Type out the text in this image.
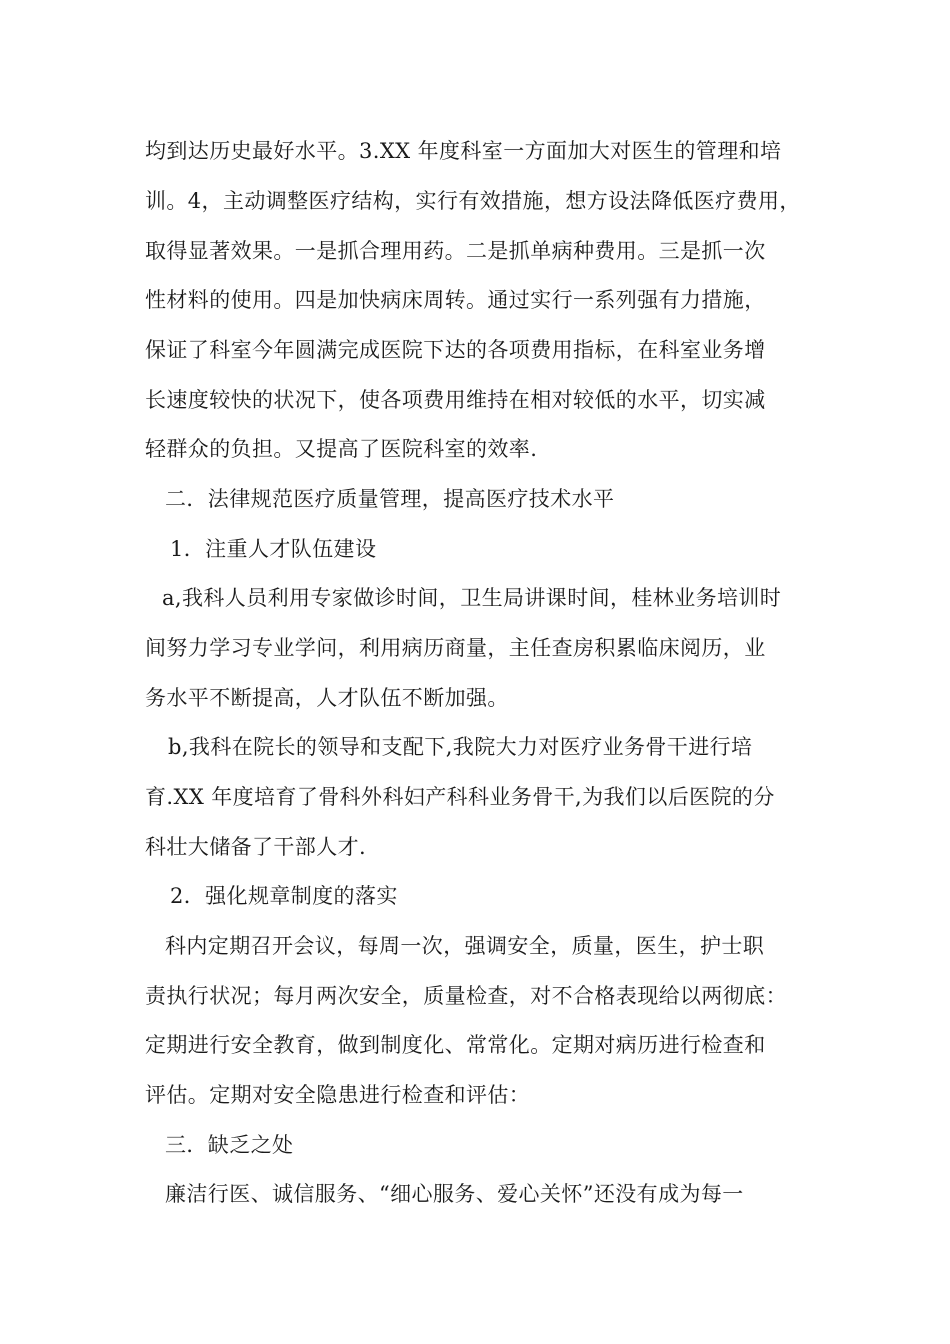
均到达历史最好水平。3.XX 年度科室一方面加大对医生的管理和培
训。4，主动调整医疗结构，实行有效措施，想方设法降低医疗费用，
取得显著效果。一是抓合理用药。二是抓单病种费用。三是抓一次
性材料的使用。四是加快病床周转。通过实行一系列强有力措施，
保证了科室今年圆满完成医院下达的各项费用指标，在科室业务增
长速度较快的状况下，使各项费用维持在相对较低的水平，切实减
轻群众的负担。又提高了医院科室的效率.
二．法律规范医疗质量管理，提高医疗技术水平
1．注重人才队伍建设
a,我科人员利用专家做诊时间，卫生局讲课时间，桂林业务培训时
间努力学习专业学问，利用病历商量，主任查房积累临床阅历，业
务水平不断提高，人才队伍不断加强。
b,我科在院长的领导和支配下,我院大力对医疗业务骨干进行培
育.XX 年度培育了骨科外科妇产科科业务骨干,为我们以后医院的分
科壮大储备了干部人才.
2．强化规章制度的落实
科内定期召开会议，每周一次，强调安全，质量，医生，护士职
责执行状况；每月两次安全，质量检查，对不合格表现给以两彻底：
定期进行安全教育，做到制度化、常常化。定期对病历进行检查和
评估。定期对安全隐患进行检查和评估：
三．缺乏之处
廉洁行医、诚信服务、“细心服务、爱心关怀”还没有成为每一
